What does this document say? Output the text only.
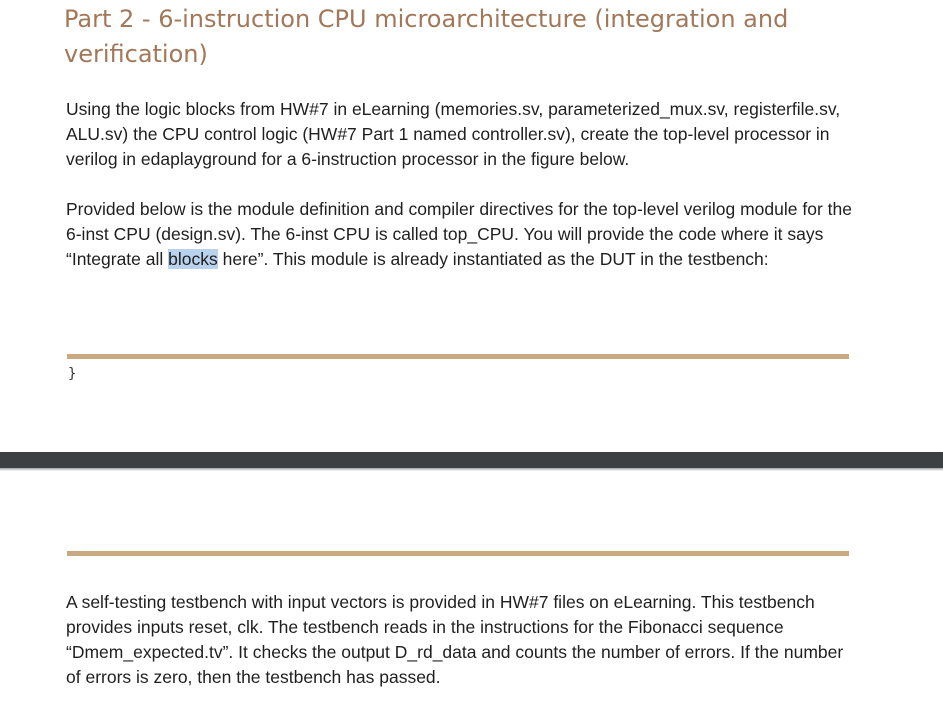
Part 2 - 6-instruction CPU microarchitecture (integration and verification)

Using the logic blocks from HW#7 in eLearning (memories.sv, parameterized_mux.sv, registerfile.sv, ALU.sv) the CPU control logic (HW#7 Part 1 named controller.sv), create the top-level processor in verilog in edaplayground for a 6-instruction processor in the figure below.

Provided below is the module definition and compiler directives for the top-level verilog module for the 6-inst CPU (design.sv). The 6-inst CPU is called top_CPU. You will provide the code where it says “Integrate all blocks here”. This module is already instantiated as the DUT in the testbench:

}

A self-testing testbench with input vectors is provided in HW#7 files on eLearning. This testbench provides inputs reset, clk. The testbench reads in the instructions for the Fibonacci sequence “Dmem_expected.tv”. It checks the output D_rd_data and counts the number of errors. If the number of errors is zero, then the testbench has passed.
